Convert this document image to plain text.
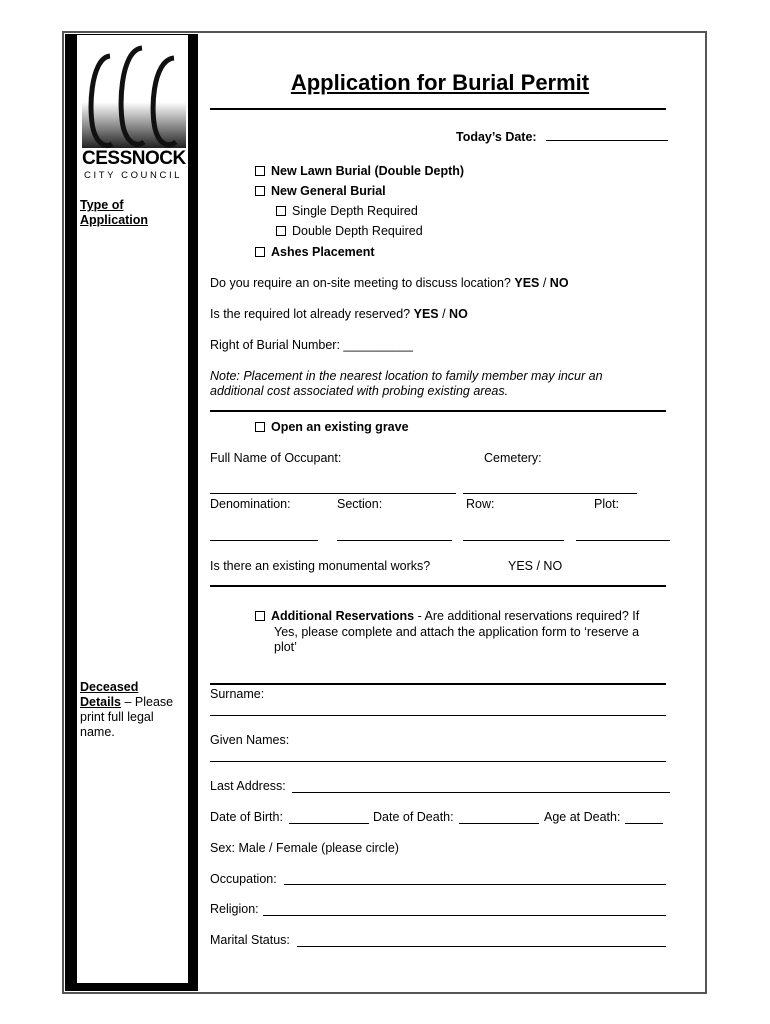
CESSNOCK
CITY COUNCIL
Type of
Application
Deceased
Details – Please
print full legal
name.
Application for Burial Permit
Today’s Date:
New Lawn Burial (Double Depth)
New General Burial
Single Depth Required
Double Depth Required
Ashes Placement
Do you require an on-site meeting to discuss location? YES / NO
Is the required lot already reserved? YES / NO
Right of Burial Number: __________
Note: Placement in the nearest location to family member may incur an
additional cost associated with probing existing areas.
Open an existing grave
Full Name of Occupant:	Cemetery:
Denomination:	Section:	Row:	Plot:
Is there an existing monumental works?	YES / NO
Additional Reservations - Are additional reservations required? If
Yes, please complete and attach the application form to ‘reserve a
plot’
Surname:
Given Names:
Last Address:
Date of Birth:	Date of Death:	Age at Death:
Sex: Male / Female (please circle)
Occupation:
Religion:
Marital Status:
